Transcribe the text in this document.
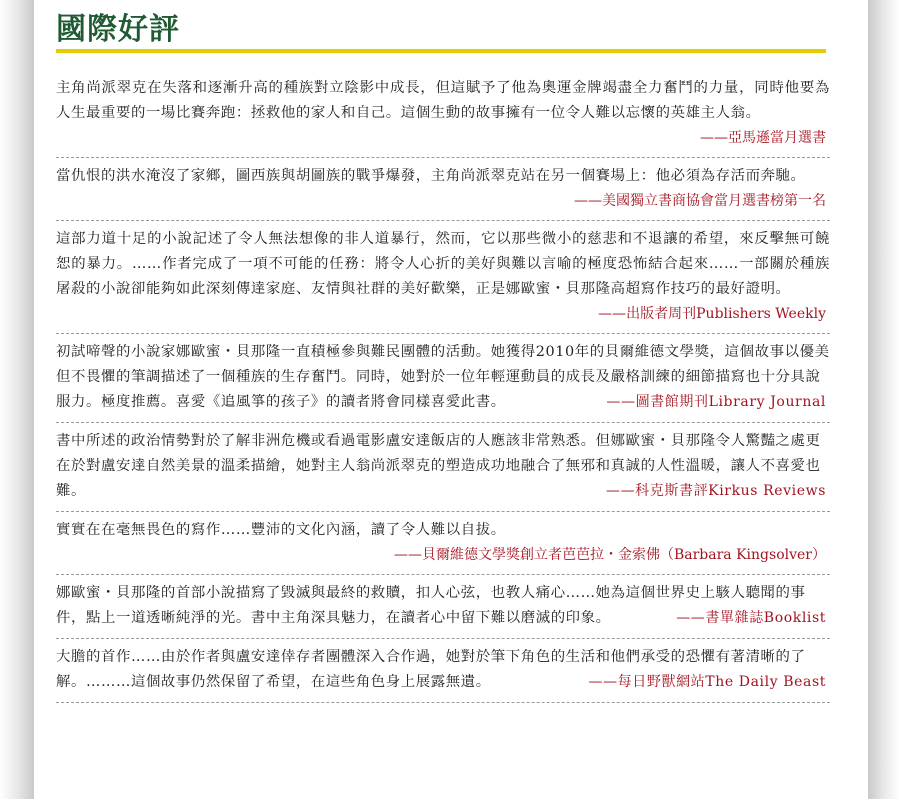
國際好評

主角尚派翠克在失落和逐漸升高的種族對立陰影中成長，但這賦予了他為奧運金牌竭盡全力奮鬥的力量，同時他要為人生最重要的一場比賽奔跑：拯救他的家人和自己。這個生動的故事擁有一位令人難以忘懷的英雄主人翁。

——亞馬遜當月選書

當仇恨的洪水淹沒了家鄉，圖西族與胡圖族的戰爭爆發，主角尚派翠克站在另一個賽場上：他必須為存活而奔馳。

——美國獨立書商協會當月選書榜第一名

這部力道十足的小說記述了令人無法想像的非人道暴行，然而，它以那些微小的慈悲和不退讓的希望，來反擊無可饒恕的暴力。……作者完成了一項不可能的任務：將令人心折的美好與難以言喻的極度恐怖結合起來……一部關於種族屠殺的小說卻能夠如此深刻傳達家庭、友情與社群的美好歡樂，正是娜歐蜜・貝那隆高超寫作技巧的最好證明。

——出版者周刊Publishers Weekly

初試啼聲的小說家娜歐蜜・貝那隆一直積極參與難民團體的活動。她獲得2010年的貝爾維德文學獎，這個故事以優美但不畏懼的筆調描述了一個種族的生存奮鬥。同時，她對於一位年輕運動員的成長及嚴格訓練的細節描寫也十分具說服力。極度推薦。喜愛《追風箏的孩子》的讀者將會同樣喜愛此書。	——圖書館期刊Library Journal

書中所述的政治情勢對於了解非洲危機或看過電影盧安達飯店的人應該非常熟悉。但娜歐蜜・貝那隆令人驚豔之處更在於對盧安達自然美景的溫柔描繪，她對主人翁尚派翠克的塑造成功地融合了無邪和真誠的人性溫暖，讓人不喜愛也難。	——科克斯書評Kirkus Reviews

實實在在毫無畏色的寫作……豐沛的文化內涵，讀了令人難以自拔。

——貝爾維德文學獎創立者芭芭拉・金索佛（Barbara Kingsolver）

娜歐蜜・貝那隆的首部小說描寫了毀滅與最終的救贖，扣人心弦，也教人痛心……她為這個世界史上駭人聽聞的事件，點上一道透晰純淨的光。書中主角深具魅力，在讀者心中留下難以磨滅的印象。	——書單雜誌Booklist

大膽的首作……由於作者與盧安達倖存者團體深入合作過，她對於筆下角色的生活和他們承受的恐懼有著清晰的了解。………這個故事仍然保留了希望，在這些角色身上展露無遺。	——每日野獸網站The Daily Beast
